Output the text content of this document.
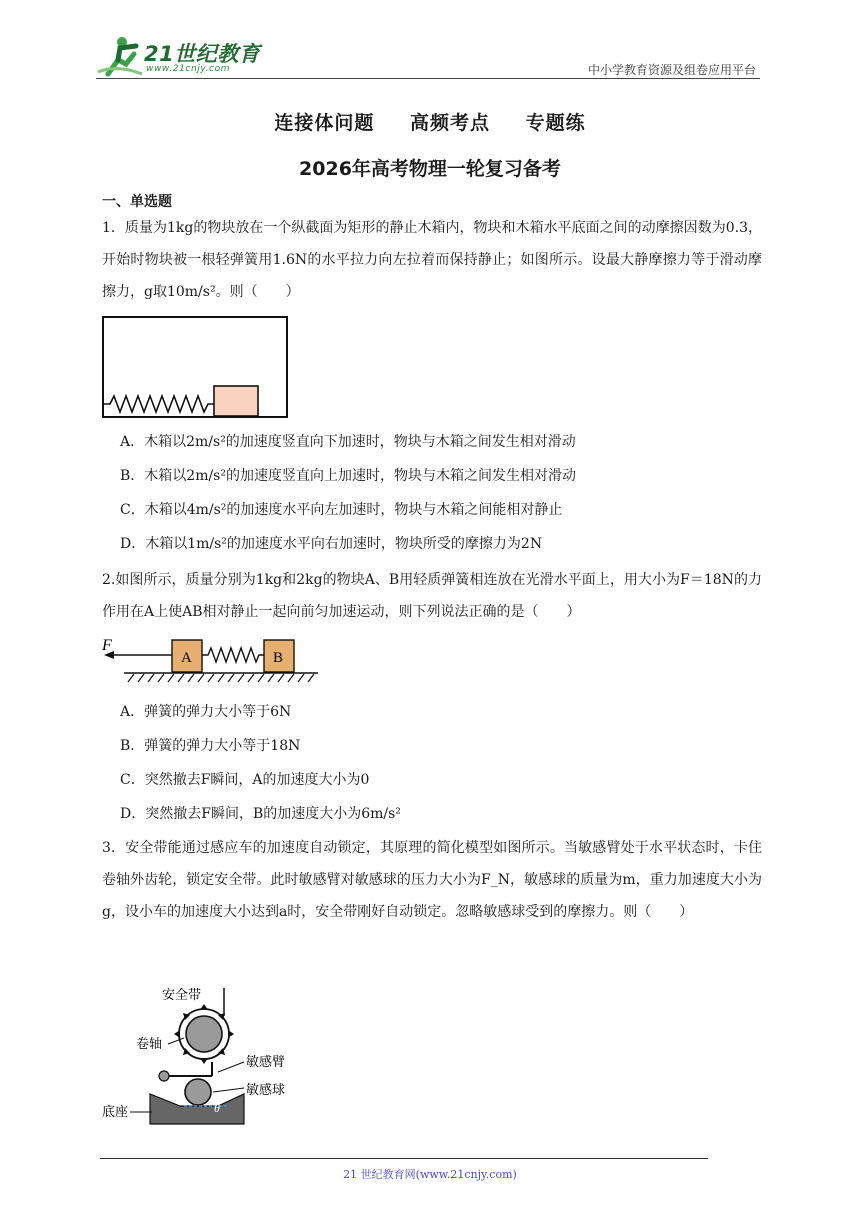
21世纪教育
www.21cnjy.com	中小学教育资源及组卷应用平台
连接体问题 高频考点 专题练
2026年高考物理一轮复习备考
一、单选题
1．质量为1kg的物块放在一个纵截面为矩形的静止木箱内，物块和木箱水平底面之间的动摩擦因数为0.3，开始时物块被一根轻弹簧用1.6N的水平拉力向左拉着而保持静止；如图所示。设最大静摩擦力等于滑动摩擦力，g取10m/s²。则（　　）
A．木箱以2m/s²的加速度竖直向下加速时，物块与木箱之间发生相对滑动
B．木箱以2m/s²的加速度竖直向上加速时，物块与木箱之间发生相对滑动
C．木箱以4m/s²的加速度水平向左加速时，物块与木箱之间能相对静止
D．木箱以1m/s²的加速度水平向右加速时，物块所受的摩擦力为2N
2.如图所示，质量分别为1kg和2kg的物块A、B用轻质弹簧相连放在光滑水平面上，用大小为F＝18N的力作用在A上使AB相对静止一起向前匀加速运动，则下列说法正确的是（　　）
F
A	B
A．弹簧的弹力大小等于6N
B．弹簧的弹力大小等于18N
C．突然撤去F瞬间，A的加速度大小为0
D．突然撤去F瞬间，B的加速度大小为6m/s²
3．安全带能通过感应车的加速度自动锁定，其原理的简化模型如图所示。当敏感臂处于水平状态时，卡住卷轴外齿轮，锁定安全带。此时敏感臂对敏感球的压力大小为F_N，敏感球的质量为m，重力加速度大小为g，设小车的加速度大小达到a时，安全带刚好自动锁定。忽略敏感球受到的摩擦力。则（　　）
安全带
卷轴
敏感臂
敏感球
θ
底座
21 世纪教育网(www.21cnjy.com)
